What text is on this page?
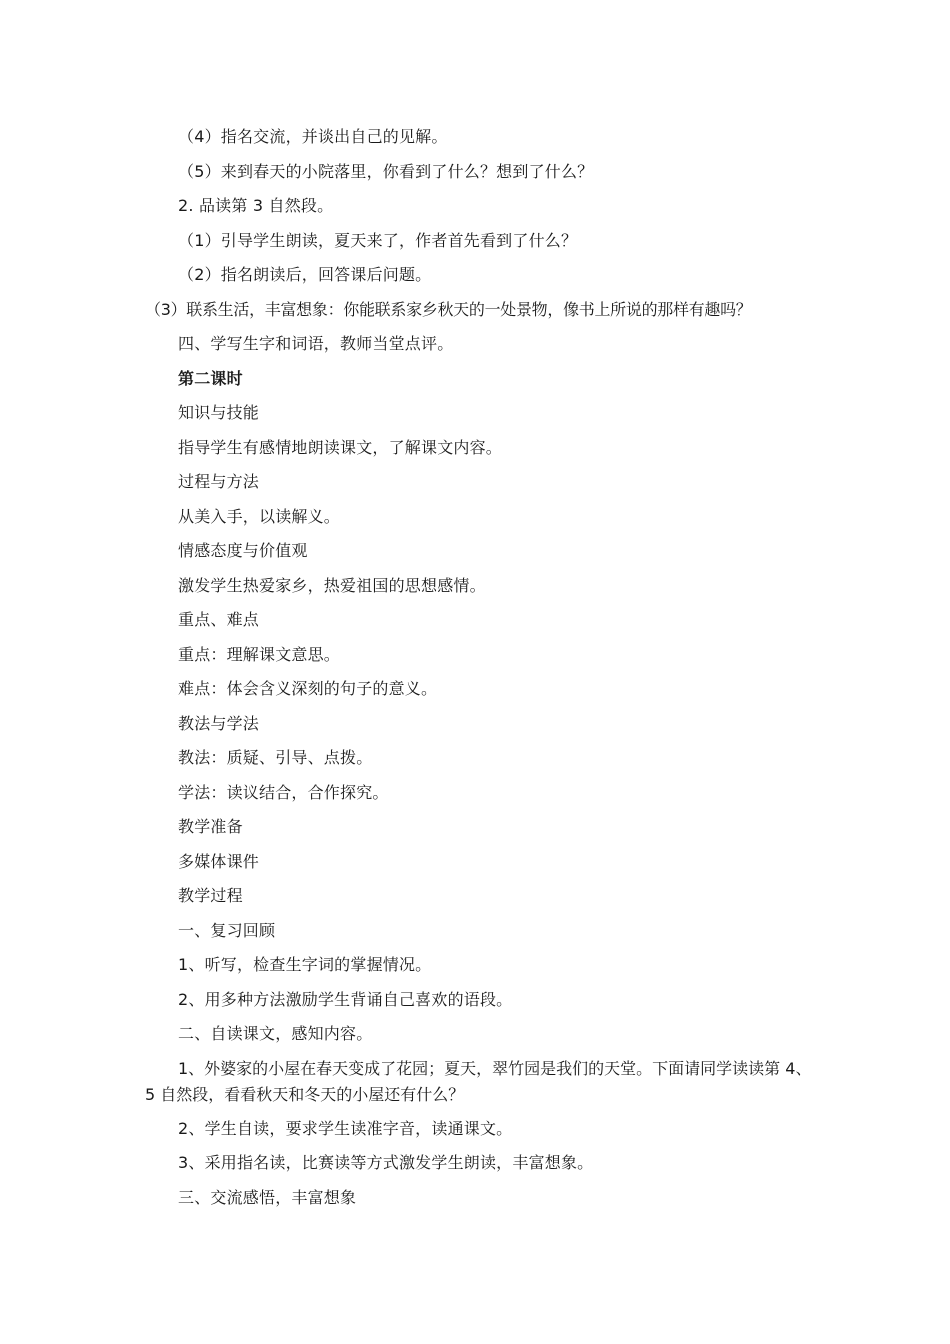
（4）指名交流，并谈出自己的见解。
（5）来到春天的小院落里，你看到了什么？想到了什么？
2. 品读第 3 自然段。
（1）引导学生朗读，夏天来了，作者首先看到了什么？
（2）指名朗读后，回答课后问题。
（3）联系生活，丰富想象：你能联系家乡秋天的一处景物，像书上所说的那样有趣吗？
四、学写生字和词语，教师当堂点评。
第二课时
知识与技能
指导学生有感情地朗读课文，了解课文内容。
过程与方法
从美入手，以读解义。
情感态度与价值观
激发学生热爱家乡，热爱祖国的思想感情。
重点、难点
重点：理解课文意思。
难点：体会含义深刻的句子的意义。
教法与学法
教法：质疑、引导、点拨。
学法：读议结合，合作探究。
教学准备
多媒体课件
教学过程
一、复习回顾
1、听写，检查生字词的掌握情况。
2、用多种方法激励学生背诵自己喜欢的语段。
二、自读课文，感知内容。
1、外婆家的小屋在春天变成了花园；夏天，翠竹园是我们的天堂。下面请同学读读第 4、5 自然段，看看秋天和冬天的小屋还有什么？
2、学生自读，要求学生读准字音，读通课文。
3、采用指名读，比赛读等方式激发学生朗读，丰富想象。
三、交流感悟，丰富想象
